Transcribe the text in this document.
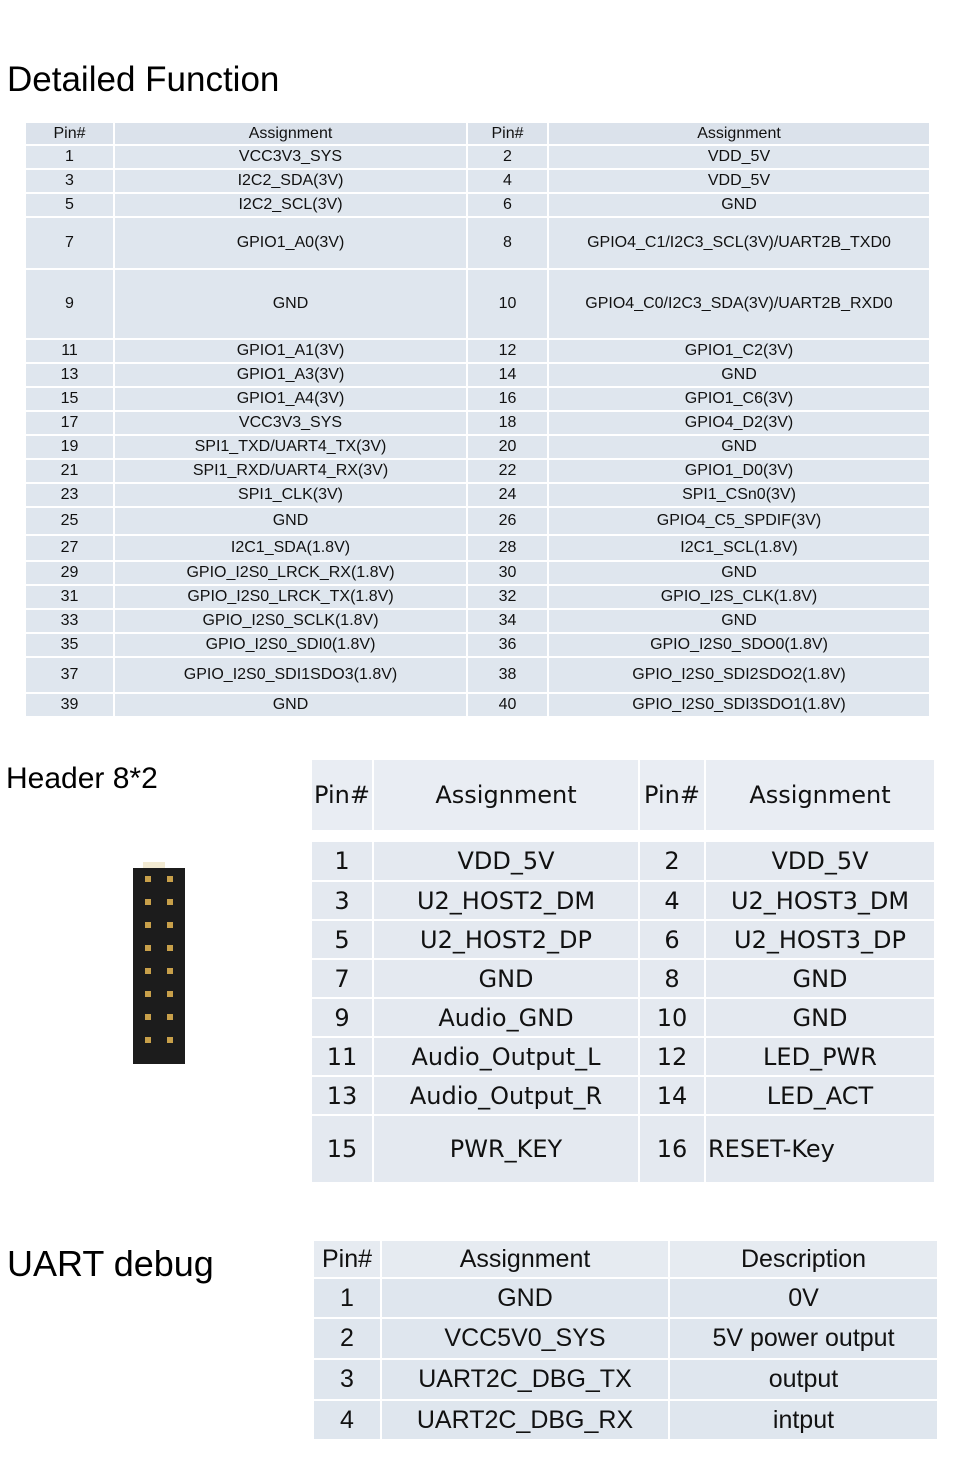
Detailed Function
Pin#	Assignment	Pin#	Assignment
1	VCC3V3_SYS	2	VDD_5V
3	I2C2_SDA(3V)	4	VDD_5V
5	I2C2_SCL(3V)	6	GND
7	GPIO1_A0(3V)	8	GPIO4_C1/I2C3_SCL(3V)/UART2B_TXD0
9	GND	10	GPIO4_C0/I2C3_SDA(3V)/UART2B_RXD0
11	GPIO1_A1(3V)	12	GPIO1_C2(3V)
13	GPIO1_A3(3V)	14	GND
15	GPIO1_A4(3V)	16	GPIO1_C6(3V)
17	VCC3V3_SYS	18	GPIO4_D2(3V)
19	SPI1_TXD/UART4_TX(3V)	20	GND
21	SPI1_RXD/UART4_RX(3V)	22	GPIO1_D0(3V)
23	SPI1_CLK(3V)	24	SPI1_CSn0(3V)
25	GND	26	GPIO4_C5_SPDIF(3V)
27	I2C1_SDA(1.8V)	28	I2C1_SCL(1.8V)
29	GPIO_I2S0_LRCK_RX(1.8V)	30	GND
31	GPIO_I2S0_LRCK_TX(1.8V)	32	GPIO_I2S_CLK(1.8V)
33	GPIO_I2S0_SCLK(1.8V)	34	GND
35	GPIO_I2S0_SDI0(1.8V)	36	GPIO_I2S0_SDO0(1.8V)
37	GPIO_I2S0_SDI1SDO3(1.8V)	38	GPIO_I2S0_SDI2SDO2(1.8V)
39	GND	40	GPIO_I2S0_SDI3SDO1(1.8V)
Header 8*2	Pin#	Assignment	Pin#	Assignment

1	VDD_5V	2	VDD_5V
3	U2_HOST2_DM	4	U2_HOST3_DM
5	U2_HOST2_DP	6	U2_HOST3_DP
7	GND	8	GND
9	Audio_GND	10	GND
11	Audio_Output_L	12	LED_PWR
13	Audio_Output_R	14	LED_ACT
15	PWR_KEY	16	RESET-Key
UART debug	Pin#	Assignment	Description
1	GND	0V
2	VCC5V0_SYS	5V power output
3	UART2C_DBG_TX	output
4	UART2C_DBG_RX	intput
